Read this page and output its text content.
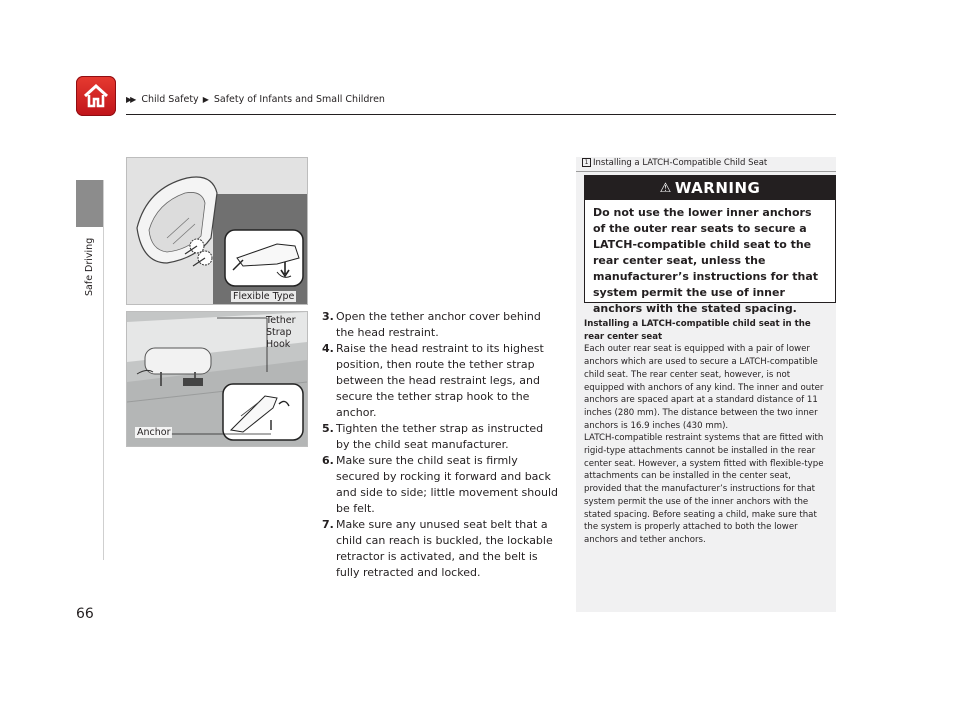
▶▶ Child Safety ▶ Safety of Infants and Small Children
Safe Driving
Flexible Type
Tether
Strap
Hook
Anchor
3. Open the tether anchor cover behind the head restraint.
4. Raise the head restraint to its highest position, then route the tether strap between the head restraint legs, and secure the tether strap hook to the anchor.
5. Tighten the tether strap as instructed by the child seat manufacturer.
6. Make sure the child seat is firmly secured by rocking it forward and back and side to side; little movement should be felt.
7. Make sure any unused seat belt that a child can reach is buckled, the lockable retractor is activated, and the belt is fully retracted and locked.
1 Installing a LATCH-Compatible Child Seat
⚠ WARNING
Do not use the lower inner anchors of the outer rear seats to secure a LATCH-compatible child seat to the rear center seat, unless the manufacturer’s instructions for that system permit the use of inner anchors with the stated spacing.

Installing a LATCH-compatible child seat in the rear center seat

Each outer rear seat is equipped with a pair of lower anchors which are used to secure a LATCH-compatible child seat. The rear center seat, however, is not equipped with anchors of any kind. The inner and outer anchors are spaced apart at a standard distance of 11 inches (280 mm). The distance between the two inner anchors is 16.9 inches (430 mm).

LATCH-compatible restraint systems that are fitted with rigid-type attachments cannot be installed in the rear center seat. However, a system fitted with flexible-type attachments can be installed in the center seat, provided that the manufacturer’s instructions for that system permit the use of the inner anchors with the stated spacing. Before seating a child, make sure that the system is properly attached to both the lower anchors and tether anchors.

66
